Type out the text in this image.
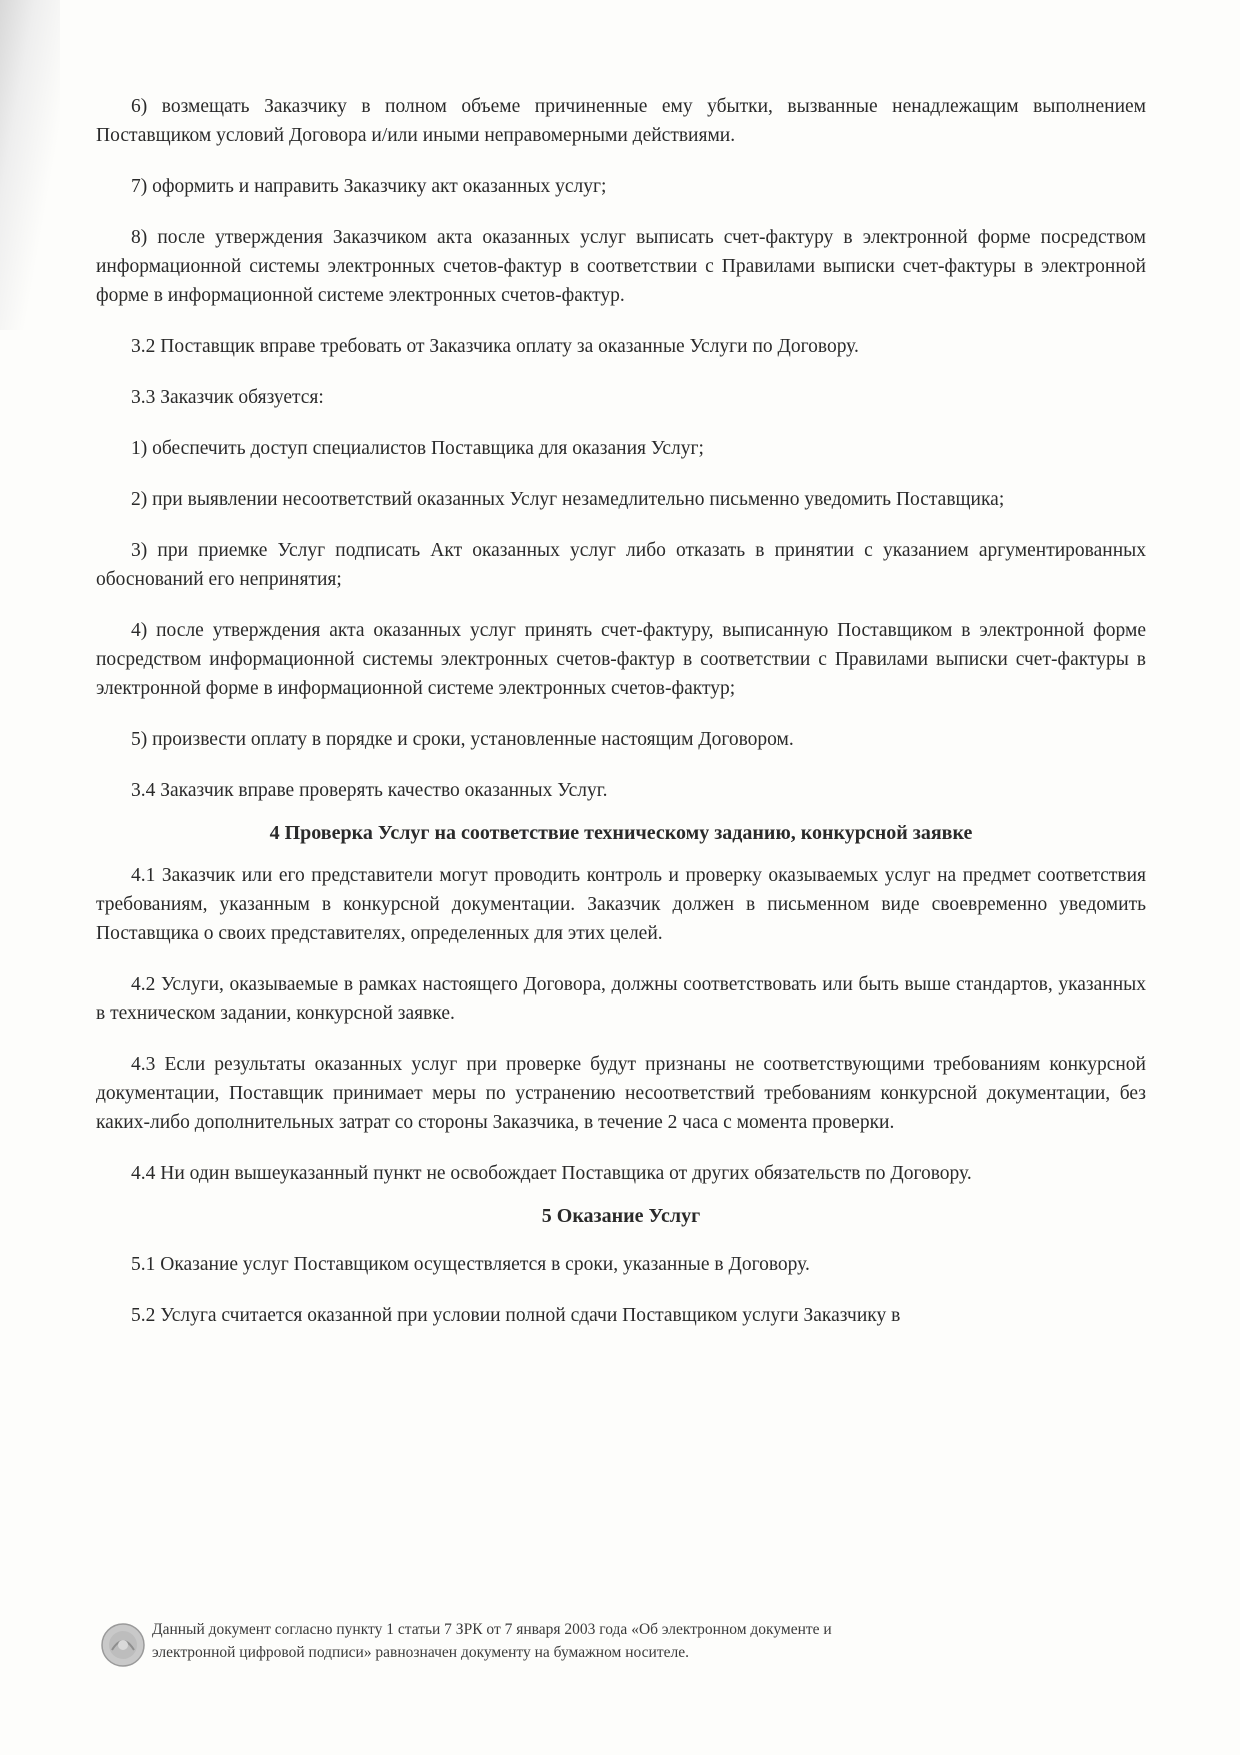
6) возмещать Заказчику в полном объеме причиненные ему убытки, вызванные ненадлежащим выполнением Поставщиком условий Договора и/или иными неправомерными действиями.

7) оформить и направить Заказчику акт оказанных услуг;

8) после утверждения Заказчиком акта оказанных услуг выписать счет-фактуру в электронной форме посредством информационной системы электронных счетов-фактур в соответствии с Правилами выписки счет-фактуры в электронной форме в информационной системе электронных счетов-фактур.

3.2 Поставщик вправе требовать от Заказчика оплату за оказанные Услуги по Договору.

3.3 Заказчик обязуется:

1) обеспечить доступ специалистов Поставщика для оказания Услуг;

2) при выявлении несоответствий оказанных Услуг незамедлительно письменно уведомить Поставщика;

3) при приемке Услуг подписать Акт оказанных услуг либо отказать в принятии с указанием аргументированных обоснований его непринятия;

4) после утверждения акта оказанных услуг принять счет-фактуру, выписанную Поставщиком в электронной форме посредством информационной системы электронных счетов-фактур в соответствии с Правилами выписки счет-фактуры в электронной форме в информационной системе электронных счетов-фактур;

5) произвести оплату в порядке и сроки, установленные настоящим Договором.

3.4 Заказчик вправе проверять качество оказанных Услуг.

4 Проверка Услуг на соответствие техническому заданию, конкурсной заявке

4.1 Заказчик или его представители могут проводить контроль и проверку оказываемых услуг на предмет соответствия требованиям, указанным в конкурсной документации. Заказчик должен в письменном виде своевременно уведомить Поставщика о своих представителях, определенных для этих целей.

4.2 Услуги, оказываемые в рамках настоящего Договора, должны соответствовать или быть выше стандартов, указанных в техническом задании, конкурсной заявке.

4.3 Если результаты оказанных услуг при проверке будут признаны не соответствующими требованиям конкурсной документации, Поставщик принимает меры по устранению несоответствий требованиям конкурсной документации, без каких-либо дополнительных затрат со стороны Заказчика, в течение 2 часа с момента проверки.

4.4 Ни один вышеуказанный пункт не освобождает Поставщика от других обязательств по Договору.

5 Оказание Услуг

5.1 Оказание услуг Поставщиком осуществляется в сроки, указанные в Договору.

5.2 Услуга считается оказанной при условии полной сдачи Поставщиком услуги Заказчику в

Данный документ согласно пункту 1 статьи 7 ЗРК от 7 января 2003 года «Об электронном документе и
электронной цифровой подписи» равнозначен документу на бумажном носителе.
